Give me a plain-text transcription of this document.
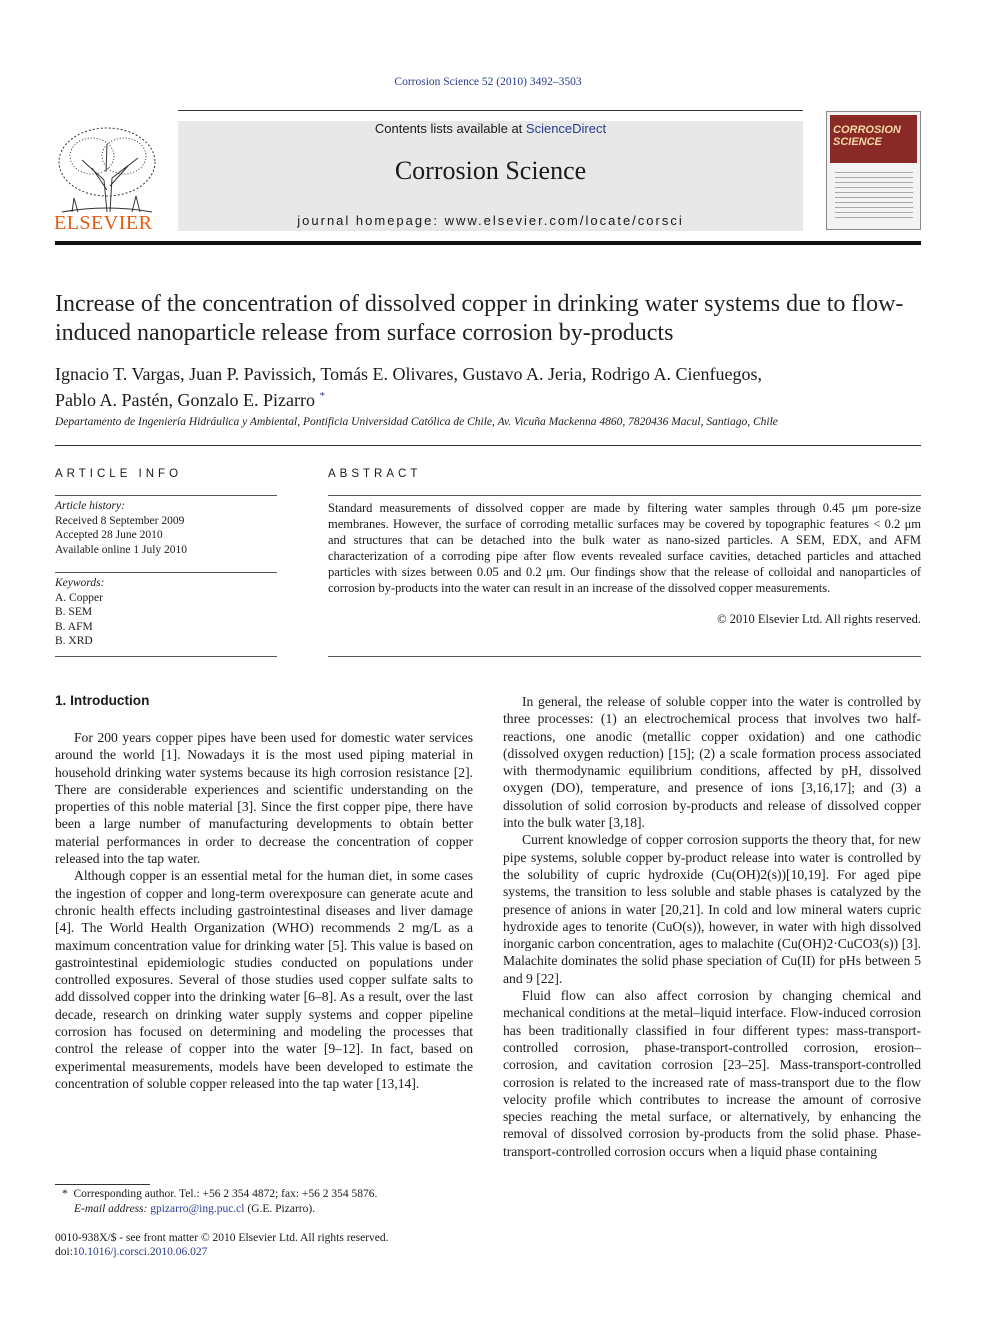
Corrosion Science 52 (2010) 3492–3503
ELSEVIER
Contents lists available at ScienceDirect
Corrosion Science
journal homepage: www.elsevier.com/locate/corsci
CORROSION SCIENCE
Increase of the concentration of dissolved copper in drinking water systems due to flow-induced nanoparticle release from surface corrosion by-products
Ignacio T. Vargas, Juan P. Pavissich, Tomás E. Olivares, Gustavo A. Jeria, Rodrigo A. Cienfuegos,
Pablo A. Pastén, Gonzalo E. Pizarro *
Departamento de Ingeniería Hidráulica y Ambiental, Pontificia Universidad Católica de Chile, Av. Vicuña Mackenna 4860, 7820436 Macul, Santiago, Chile
ARTICLE INFO	ABSTRACT
Article history:
Received 8 September 2009
Accepted 28 June 2010
Available online 1 July 2010
Keywords:
A. Copper
B. SEM
B. AFM
B. XRD
Standard measurements of dissolved copper are made by filtering water samples through 0.45 μm pore-size membranes. However, the surface of corroding metallic surfaces may be covered by topographic features < 0.2 μm and structures that can be detached into the bulk water as nano-sized particles. A SEM, EDX, and AFM characterization of a corroding pipe after flow events revealed surface cavities, detached particles and attached particles with sizes between 0.05 and 0.2 μm. Our findings show that the release of colloidal and nanoparticles of corrosion by-products into the water can result in an increase of the dissolved copper measurements.
© 2010 Elsevier Ltd. All rights reserved.
1. Introduction

For 200 years copper pipes have been used for domestic water services around the world [1]. Nowadays it is the most used piping material in household drinking water systems because its high corrosion resistance [2]. There are considerable experiences and scientific understanding on the properties of this noble material [3]. Since the first copper pipe, there have been a large number of manufacturing developments to obtain better material performances in order to decrease the concentration of copper released into the tap water.

Although copper is an essential metal for the human diet, in some cases the ingestion of copper and long-term overexposure can generate acute and chronic health effects including gastrointestinal diseases and liver damage [4]. The World Health Organization (WHO) recommends 2 mg/L as a maximum concentration value for drinking water [5]. This value is based on gastrointestinal epidemiologic studies conducted on populations under controlled exposures. Several of those studies used copper sulfate salts to add dissolved copper into the drinking water [6–8]. As a result, over the last decade, research on drinking water supply systems and copper pipeline corrosion has focused on determining and modeling the processes that control the release of copper into the water [9–12]. In fact, based on experimental measurements, models have been developed to estimate the concentration of soluble copper released into the tap water [13,14].

In general, the release of soluble copper into the water is controlled by three processes: (1) an electrochemical process that involves two half-reactions, one anodic (metallic copper oxidation) and one cathodic (dissolved oxygen reduction) [15]; (2) a scale formation process associated with thermodynamic equilibrium conditions, affected by pH, dissolved oxygen (DO), temperature, and presence of ions [3,16,17]; and (3) a dissolution of solid corrosion by-products and release of dissolved copper into the bulk water [3,18].

Current knowledge of copper corrosion supports the theory that, for new pipe systems, soluble copper by-product release into water is controlled by the solubility of cupric hydroxide (Cu(OH)2(s))[10,19]. For aged pipe systems, the transition to less soluble and stable phases is catalyzed by the presence of anions in water [20,21]. In cold and low mineral waters cupric hydroxide ages to tenorite (CuO(s)), however, in water with high dissolved inorganic carbon concentration, ages to malachite (Cu(OH)2·CuCO3(s)) [3]. Malachite dominates the solid phase speciation of Cu(II) for pHs between 5 and 9 [22].

Fluid flow can also affect corrosion by changing chemical and mechanical conditions at the metal–liquid interface. Flow-induced corrosion has been traditionally classified in four different types: mass-transport-controlled corrosion, phase-transport-controlled corrosion, erosion–corrosion, and cavitation corrosion [23–25]. Mass-transport-controlled corrosion is related to the increased rate of mass-transport due to the flow velocity profile which contributes to increase the amount of corrosive species reaching the metal surface, or alternatively, by enhancing the removal of dissolved corrosion by-products from the solid phase. Phase-transport-controlled corrosion occurs when a liquid phase containing

* Corresponding author. Tel.: +56 2 354 4872; fax: +56 2 354 5876.
E-mail address: gpizarro@ing.puc.cl (G.E. Pizarro).
0010-938X/$ - see front matter © 2010 Elsevier Ltd. All rights reserved.
doi:10.1016/j.corsci.2010.06.027
